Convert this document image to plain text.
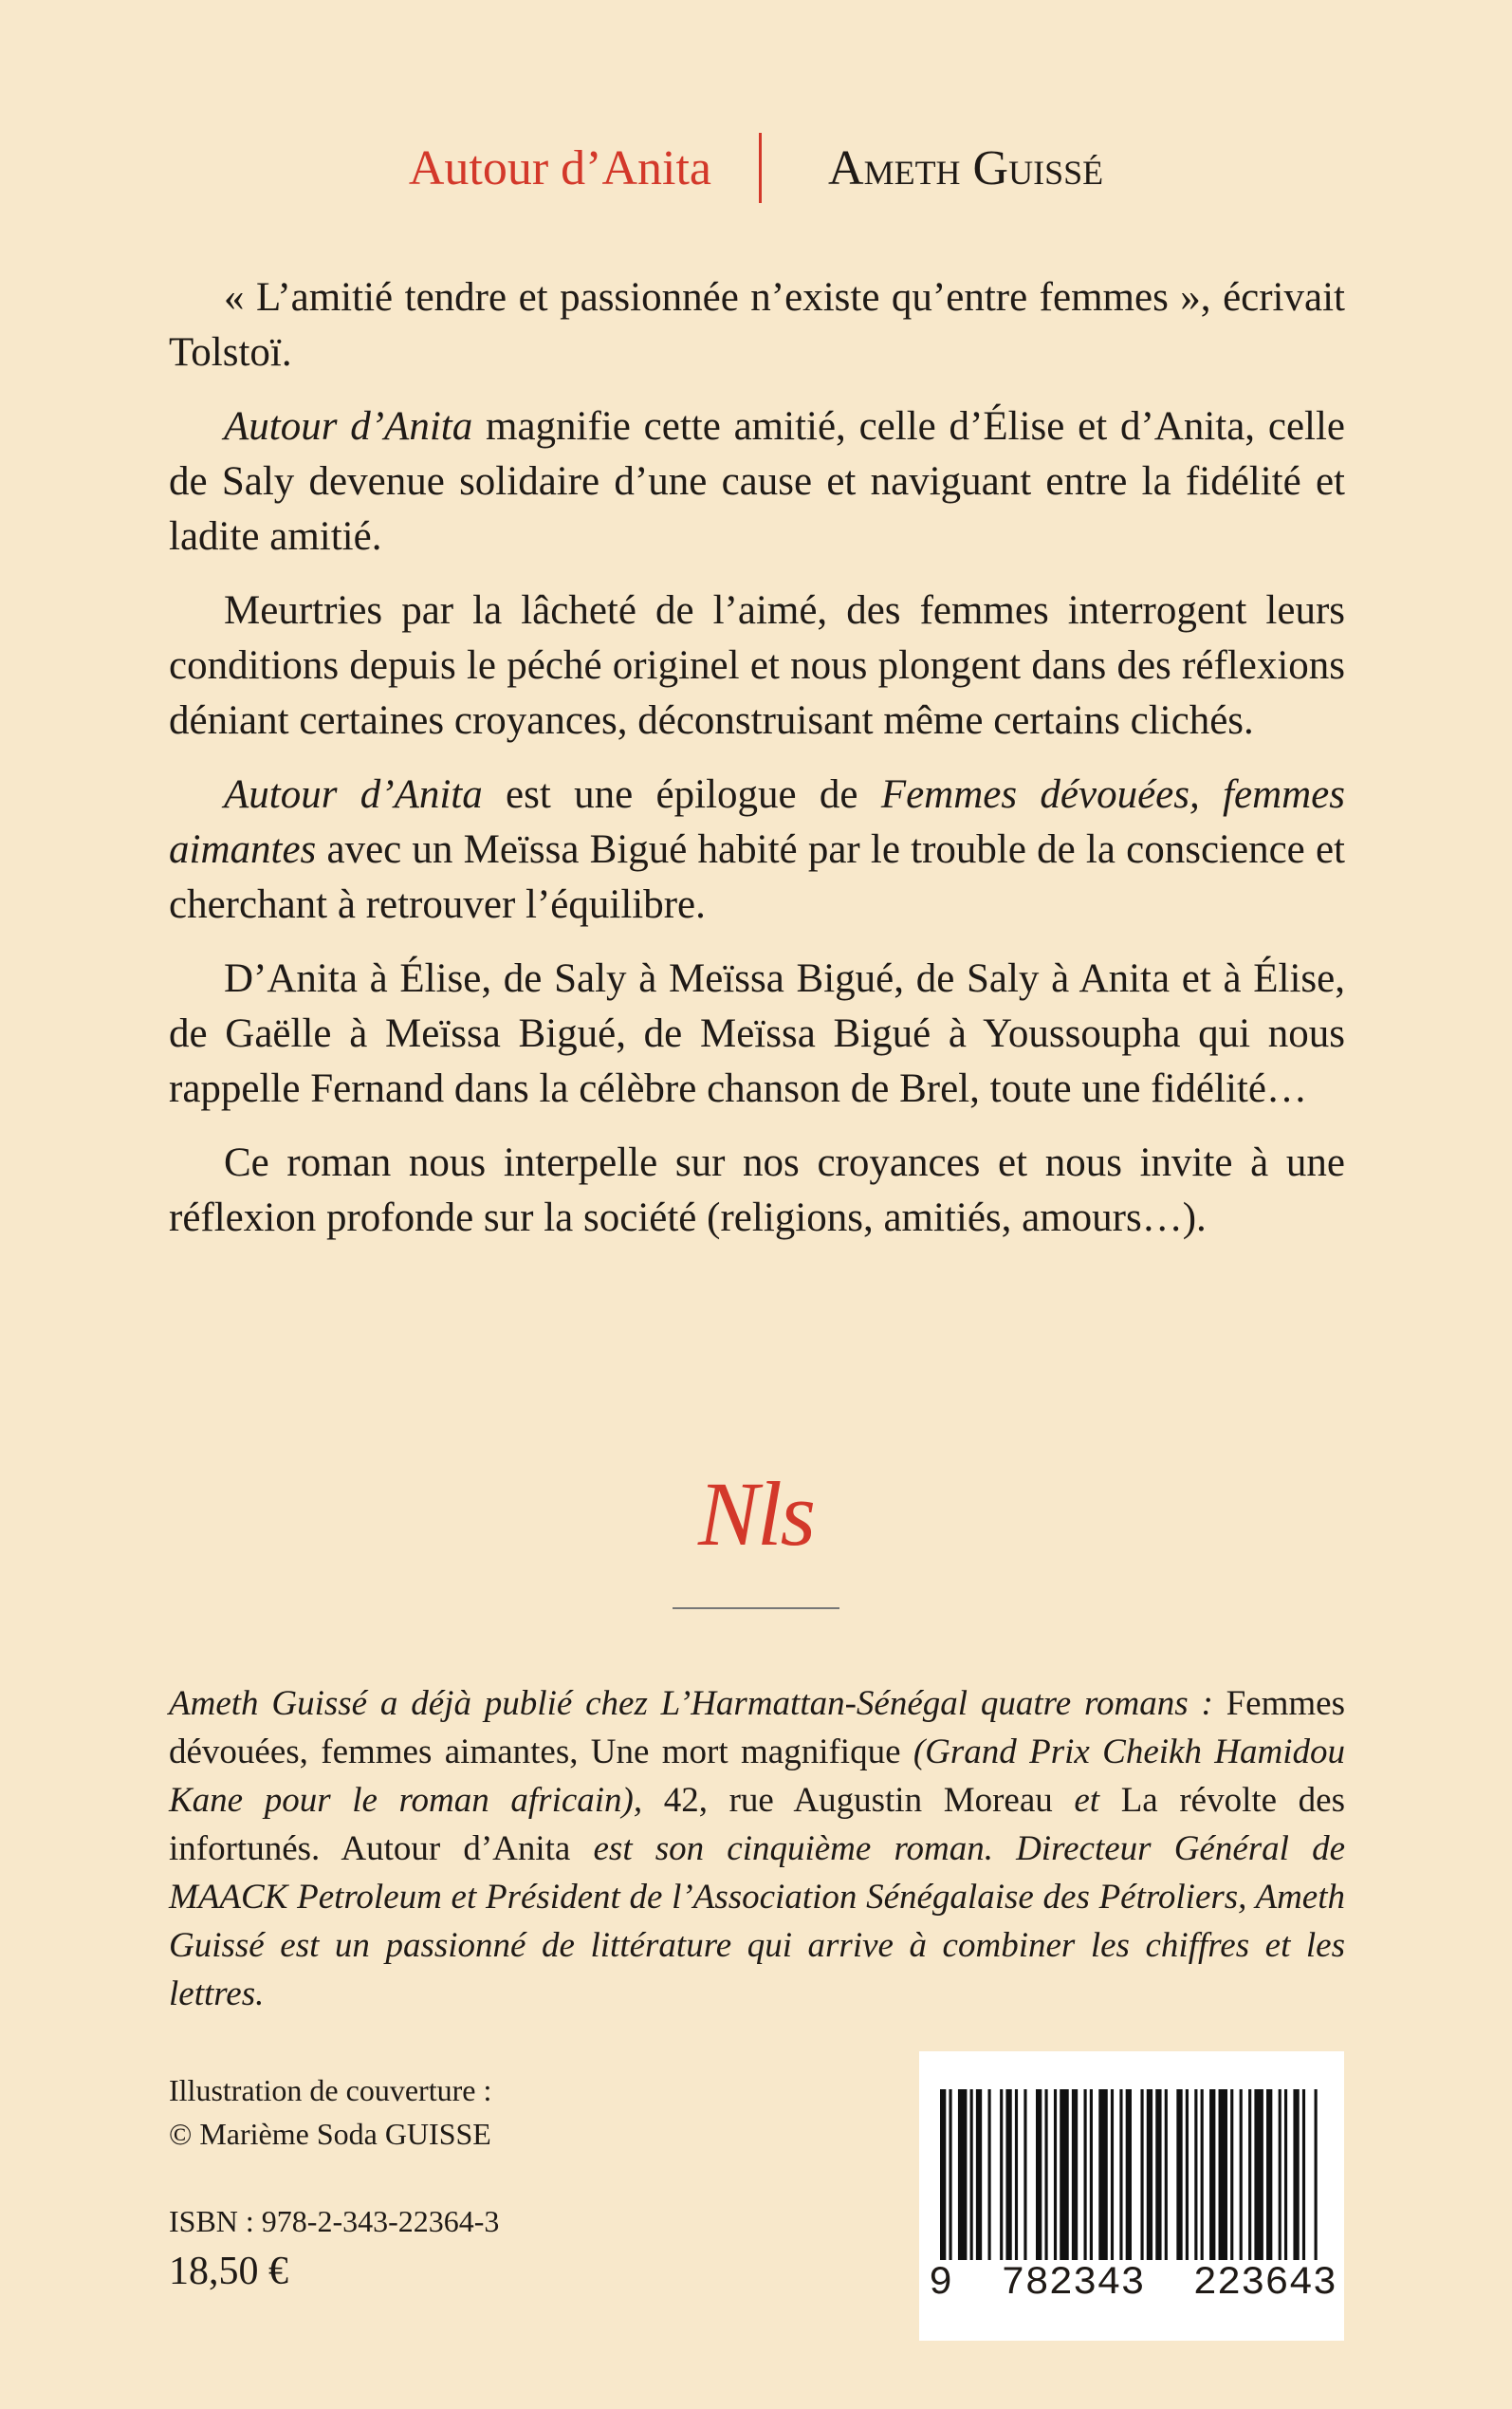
Autour d’Anita Ameth Guissé

« L’amitié tendre et passionnée n’existe qu’entre femmes », écrivait Tolstoï.

Autour d’Anita magnifie cette amitié, celle d’Élise et d’Anita, celle de Saly devenue solidaire d’une cause et naviguant entre la fidélité et ladite amitié.

Meurtries par la lâcheté de l’aimé, des femmes interrogent leurs conditions depuis le péché originel et nous plongent dans des réflexions déniant certaines croyances, déconstruisant même certains clichés.

Autour d’Anita est une épilogue de Femmes dévouées, femmes aimantes avec un Meïssa Bigué habité par le trouble de la conscience et cherchant à retrouver l’équilibre.

D’Anita à Élise, de Saly à Meïssa Bigué, de Saly à Anita et à Élise, de Gaëlle à Meïssa Bigué, de Meïssa Bigué à Youssoupha qui nous rappelle Fernand dans la célèbre chanson de Brel, toute une fidélité…

Ce roman nous interpelle sur nos croyances et nous invite à une réflexion profonde sur la société (religions, amitiés, amours…).

Nls
Ameth Guissé a déjà publié chez L’Harmattan-Sénégal quatre romans : Femmes dévouées, femmes aimantes, Une mort magnifique (Grand Prix Cheikh Hamidou Kane pour le roman africain), 42, rue Augustin Moreau et La révolte des infortunés. Autour d’Anita est son cinquième roman. Directeur Général de MAACK Petroleum et Président de l’Association Sénégalaise des Pétroliers, Ameth Guissé est un passionné de littérature qui arrive à combiner les chiffres et les lettres.
Illustration de couverture :
© Marième Soda GUISSE
ISBN : 978-2-343-22364-3
18,50 €	9 782343 223643
